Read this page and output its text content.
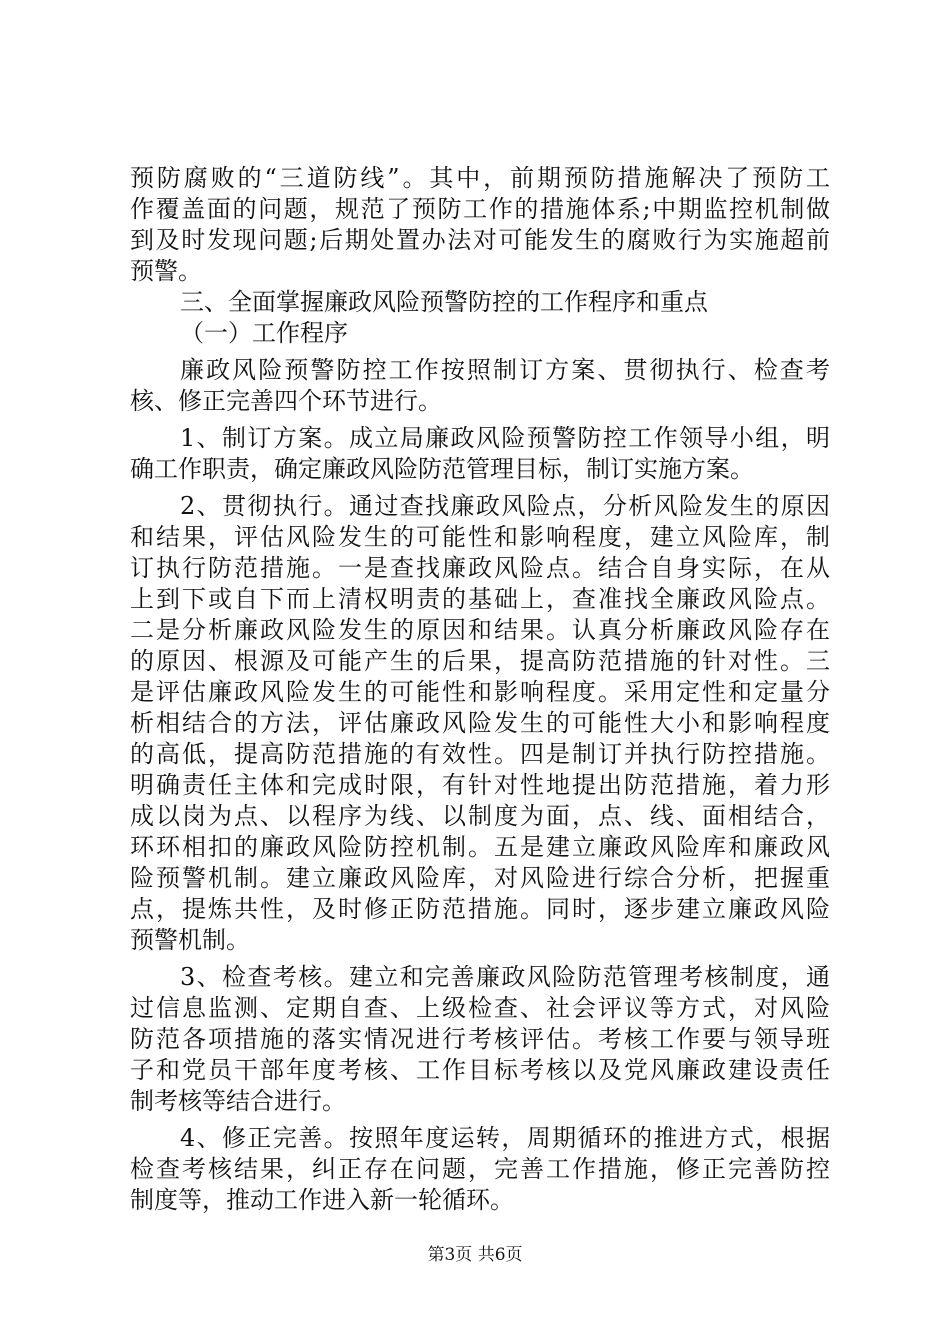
预防腐败的“三道防线”。其中，前期预防措施解决了预防工
作覆盖面的问题，规范了预防工作的措施体系;中期监控机制做
到及时发现问题;后期处置办法对可能发生的腐败行为实施超前
预警。
三、全面掌握廉政风险预警防控的工作程序和重点
（一）工作程序
廉政风险预警防控工作按照制订方案、贯彻执行、检查考
核、修正完善四个环节进行。
1、制订方案。成立局廉政风险预警防控工作领导小组，明
确工作职责，确定廉政风险防范管理目标，制订实施方案。
2、贯彻执行。通过查找廉政风险点，分析风险发生的原因
和结果，评估风险发生的可能性和影响程度，建立风险库，制
订执行防范措施。一是查找廉政风险点。结合自身实际，在从
上到下或自下而上清权明责的基础上，查准找全廉政风险点。
二是分析廉政风险发生的原因和结果。认真分析廉政风险存在
的原因、根源及可能产生的后果，提高防范措施的针对性。三
是评估廉政风险发生的可能性和影响程度。采用定性和定量分
析相结合的方法，评估廉政风险发生的可能性大小和影响程度
的高低，提高防范措施的有效性。四是制订并执行防控措施。
明确责任主体和完成时限，有针对性地提出防范措施，着力形
成以岗为点、以程序为线、以制度为面，点、线、面相结合，
环环相扣的廉政风险防控机制。五是建立廉政风险库和廉政风
险预警机制。建立廉政风险库，对风险进行综合分析，把握重
点，提炼共性，及时修正防范措施。同时，逐步建立廉政风险
预警机制。
3、检查考核。建立和完善廉政风险防范管理考核制度，通
过信息监测、定期自查、上级检查、社会评议等方式，对风险
防范各项措施的落实情况进行考核评估。考核工作要与领导班
子和党员干部年度考核、工作目标考核以及党风廉政建设责任
制考核等结合进行。
4、修正完善。按照年度运转，周期循环的推进方式，根据
检查考核结果，纠正存在问题，完善工作措施，修正完善防控
制度等，推动工作进入新一轮循环。
第3页 共6页
